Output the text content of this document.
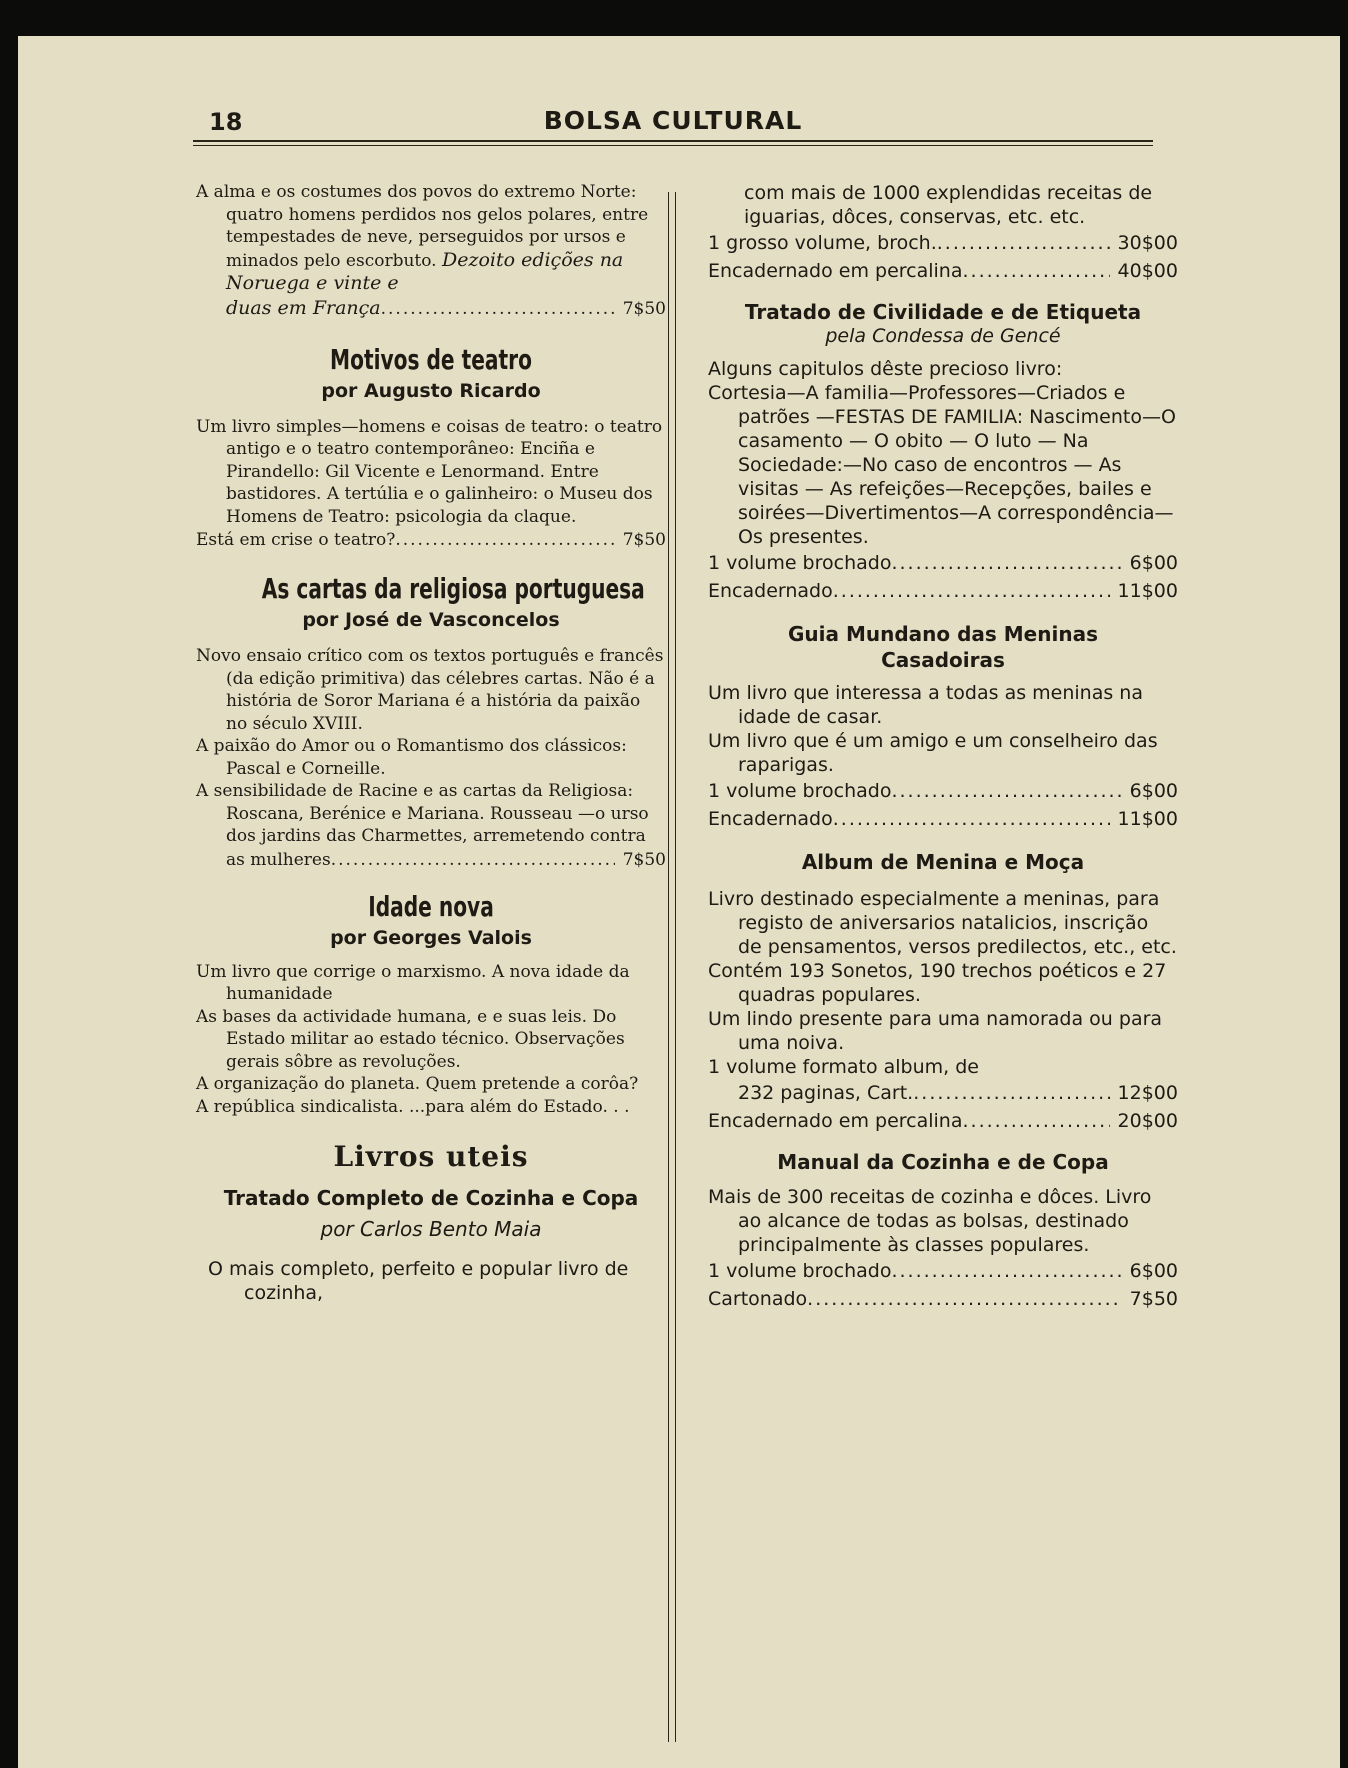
18	BOLSA CULTURAL

A alma e os costumes dos povos do extremo Norte: quatro homens perdidos nos gelos polares, entre tempestades de neve, perseguidos por ursos e minados pelo escorbuto. Dezoito edições na Noruega e vinte e

duas em França .....	7$50

Motivos de teatro

por Augusto Ricardo

Um livro simples—homens e coisas de teatro: o teatro antigo e o teatro contemporâneo: Enciña e Pirandello: Gil Vicente e Lenormand. Entre bastidores. A tertúlia e o galinheiro: o Museu dos Homens de Teatro: psicologia da claque.

Está em crise o teatro? .....	7$50

As cartas da religiosa portuguesa

por José de Vasconcelos

Novo ensaio crítico com os textos português e francês (da edição primitiva) das célebres cartas. Não é a história de Soror Mariana é a história da paixão no século XVIII.

A paixão do Amor ou o Romantismo dos clássicos: Pascal e Corneille.

A sensibilidade de Racine e as cartas da Religiosa: Roscana, Berénice e Mariana. Rousseau —o urso dos jardins das Charmettes, arremetendo contra

as mulheres .....	7$50

Idade nova

por Georges Valois

Um livro que corrige o marxismo. A nova idade da humanidade

As bases da actividade humana, e e suas leis. Do Estado militar ao estado técnico. Observações gerais sôbre as revoluções.

A organização do planeta. Quem pretende a corôa?

A república sindicalista. ...para além do Estado. . .

Livros uteis

Tratado Completo de Cozinha e Copa

por Carlos Bento Maia

O mais completo, perfeito e popular livro de cozinha,

com mais de 1000 explendidas receitas de iguarias, dôces, conservas, etc. etc.

1 grosso volume, broch. .....	30$00
Encadernado em percalina .....	40$00

Tratado de Civilidade e de Etiqueta

pela Condessa de Gencé

Alguns capitulos dêste precioso livro:

Cortesia—A familia—Professores—Criados e patrões —FESTAS DE FAMILIA: Nascimento—O casamento — O obito — O luto — Na Sociedade:—No caso de encontros — As visitas — As refeições—Recepções, bailes e soirées—Divertimentos—A correspondência—Os presentes.

1 volume brochado .....	6$00
Encadernado .....	11$00

Guia Mundano das Meninas Casadoiras

Um livro que interessa a todas as meninas na idade de casar.

Um livro que é um amigo e um conselheiro das raparigas.

1 volume brochado .....	6$00
Encadernado .....	11$00

Album de Menina e Moça

Livro destinado especialmente a meninas, para registo de aniversarios natalicios, inscrição de pensamentos, versos predilectos, etc., etc.

Contém 193 Sonetos, 190 trechos poéticos e 27 quadras populares.

Um lindo presente para uma namorada ou para uma noiva.

1 volume formato album, de

232 paginas, Cart. .....	12$00
Encadernado em percalina .....	20$00

Manual da Cozinha e de Copa

Mais de 300 receitas de cozinha e dôces. Livro ao alcance de todas as bolsas, destinado principalmente às classes populares.

1 volume brochado .....	6$00
Cartonado .....	7$50
